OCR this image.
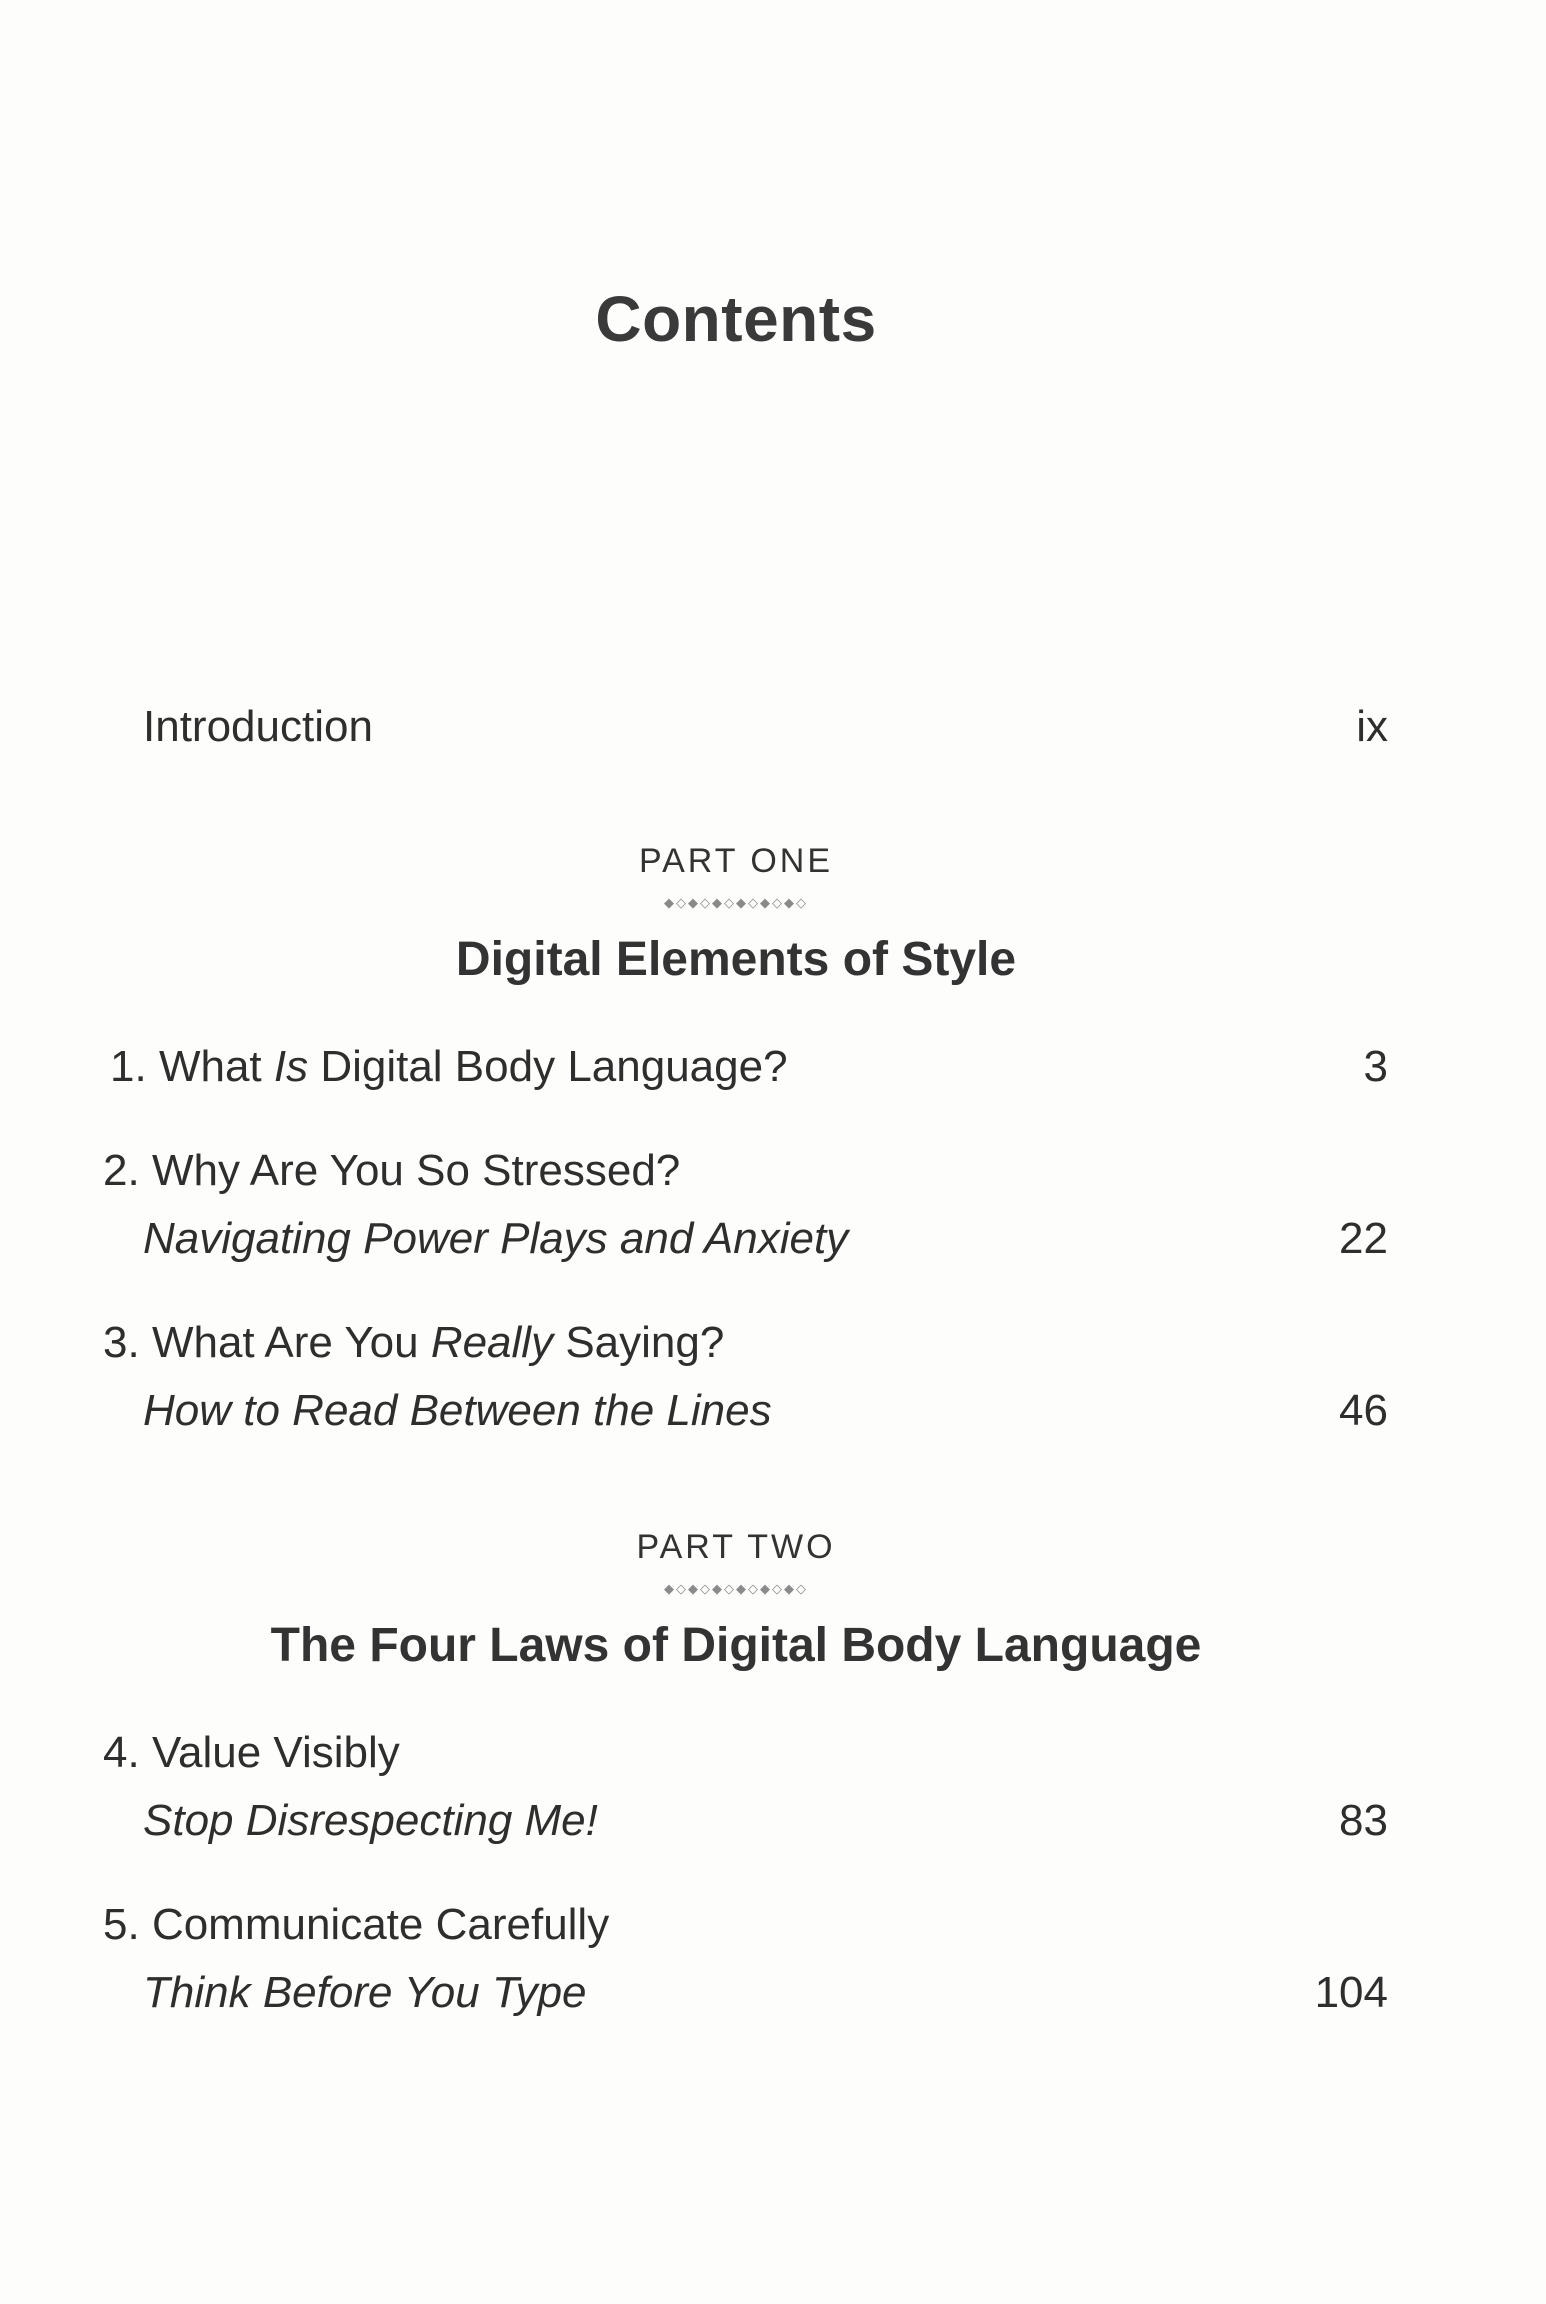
Contents
Introduction	ix
PART ONE
◆◇◆◇◆◇◆◇◆◇◆◇
Digital Elements of Style
1. What Is Digital Body Language?	3
2. Why Are You So Stressed?
Navigating Power Plays and Anxiety	22
3. What Are You Really Saying?
How to Read Between the Lines	46
PART TWO
◆◇◆◇◆◇◆◇◆◇◆◇
The Four Laws of Digital Body Language
4. Value Visibly
Stop Disrespecting Me!	83
5. Communicate Carefully
Think Before You Type	104
